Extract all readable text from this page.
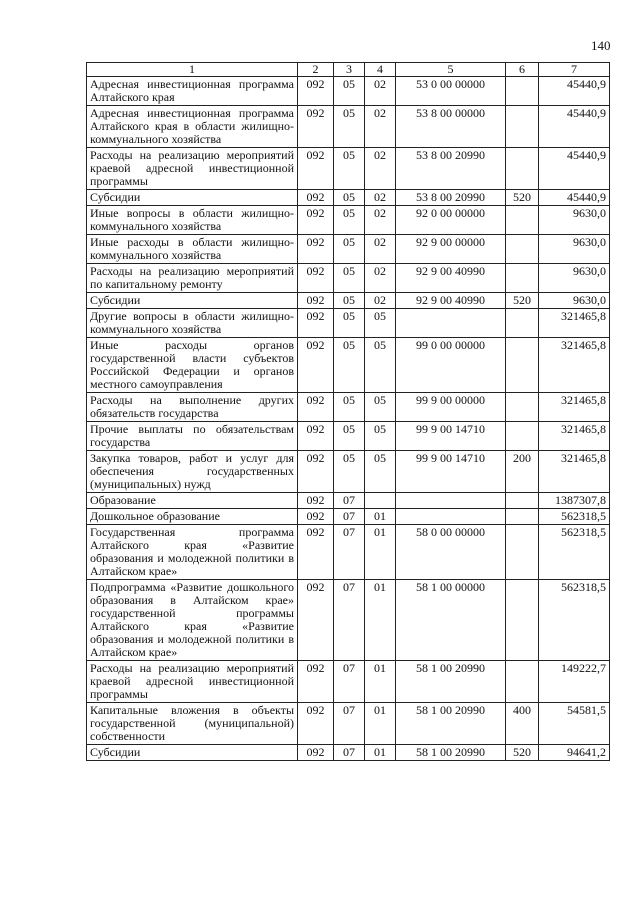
140
1	2	3	4	5	6	7
Адресная инвестиционная программа Алтайского края	092	05	02	53 0 00 00000		45440,9
Адресная инвестиционная программа Алтайского края в области жилищно-коммунального хозяйства	092	05	02	53 8 00 00000		45440,9
Расходы на реализацию мероприятий краевой адресной инвестиционной программы	092	05	02	53 8 00 20990		45440,9
Субсидии	092	05	02	53 8 00 20990	520	45440,9
Иные вопросы в области жилищно-коммунального хозяйства	092	05	02	92 0 00 00000		9630,0
Иные расходы в области жилищно-коммунального хозяйства	092	05	02	92 9 00 00000		9630,0
Расходы на реализацию мероприятий по капитальному ремонту	092	05	02	92 9 00 40990		9630,0
Субсидии	092	05	02	92 9 00 40990	520	9630,0
Другие вопросы в области жилищно-коммунального хозяйства	092	05	05			321465,8
Иные расходы органов государственной власти субъектов Российской Федерации и органов местного самоуправления	092	05	05	99 0 00 00000		321465,8
Расходы на выполнение других обязательств государства	092	05	05	99 9 00 00000		321465,8
Прочие выплаты по обязательствам государства	092	05	05	99 9 00 14710		321465,8
Закупка товаров, работ и услуг для обеспечения государственных (муниципальных) нужд	092	05	05	99 9 00 14710	200	321465,8
Образование	092	07				1387307,8
Дошкольное образование	092	07	01			562318,5
Государственная программа Алтайского края «Развитие образования и молодежной политики в Алтайском крае»	092	07	01	58 0 00 00000		562318,5
Подпрограмма «Развитие дошкольного образования в Алтайском крае» государственной программы Алтайского края «Развитие образования и молодежной политики в Алтайском крае»	092	07	01	58 1 00 00000		562318,5
Расходы на реализацию мероприятий краевой адресной инвестиционной программы	092	07	01	58 1 00 20990		149222,7
Капитальные вложения в объекты государственной (муниципальной) собственности	092	07	01	58 1 00 20990	400	54581,5
Субсидии	092	07	01	58 1 00 20990	520	94641,2
